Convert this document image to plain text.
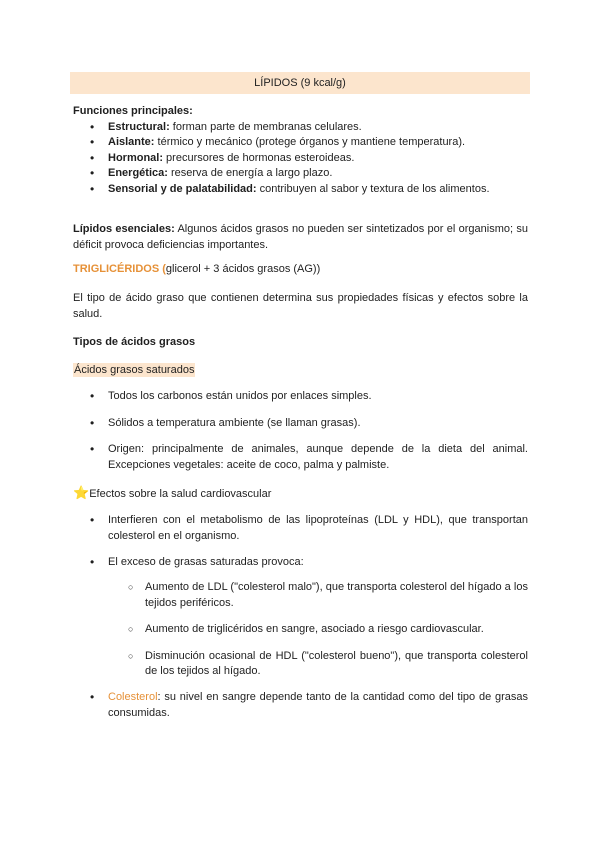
LÍPIDOS (9 kcal/g)
Funciones principales:
• Estructural: forman parte de membranas celulares.
• Aislante: térmico y mecánico (protege órganos y mantiene temperatura).
• Hormonal: precursores de hormonas esteroideas.
• Energética: reserva de energía a largo plazo.
• Sensorial y de palatabilidad: contribuyen al sabor y textura de los alimentos.
Lípidos esenciales: Algunos ácidos grasos no pueden ser sintetizados por el organismo; su déficit provoca deficiencias importantes.
TRIGLICÉRIDOS (glicerol + 3 ácidos grasos (AG))
El tipo de ácido graso que contienen determina sus propiedades físicas y efectos sobre la salud.
Tipos de ácidos grasos
Ácidos grasos saturados
• Todos los carbonos están unidos por enlaces simples.
• Sólidos a temperatura ambiente (se llaman grasas).
• Origen: principalmente de animales, aunque depende de la dieta del animal. Excepciones vegetales: aceite de coco, palma y palmiste.
⭐Efectos sobre la salud cardiovascular
• Interfieren con el metabolismo de las lipoproteínas (LDL y HDL), que transportan colesterol en el organismo.
• El exceso de grasas saturadas provoca:
○ Aumento de LDL ("colesterol malo"), que transporta colesterol del hígado a los tejidos periféricos.
○ Aumento de triglicéridos en sangre, asociado a riesgo cardiovascular.
○ Disminución ocasional de HDL ("colesterol bueno"), que transporta colesterol de los tejidos al hígado.
• Colesterol: su nivel en sangre depende tanto de la cantidad como del tipo de grasas consumidas.
